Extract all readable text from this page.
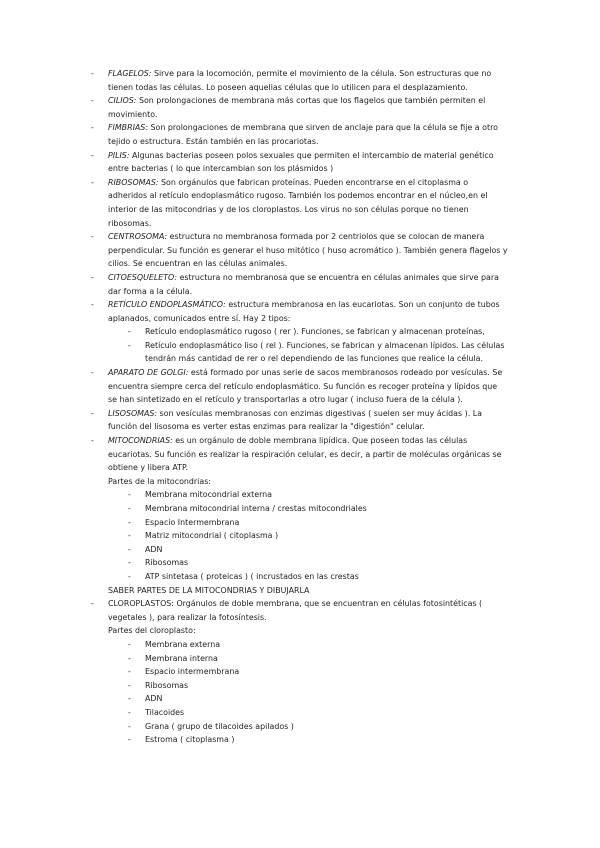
- FLAGELOS: Sirve para la locomoción, permite el movimiento de la célula. Son estructuras que no tienen todas las células. Lo poseen aquellas células que lo utilicen para el desplazamiento.
- CILIOS: Son prolongaciones de membrana más cortas que los flagelos que también permiten el movimiento.
- FIMBRIAS: Son prolongaciones de membrana que sirven de anclaje para que la célula se fije a otro tejido o estructura. Están también en las procariotas.
- PILIS: Algunas bacterias poseen polos sexuales que permiten el intercambio de material genético entre bacterias ( lo que intercambian son los plásmidos )
- RIBOSOMAS: Son orgánulos que fabrican proteínas. Pueden encontrarse en el citoplasma o adheridos al retículo endoplasmático rugoso. También los podemos encontrar en el núcleo,en el interior de las mitocondrias y de los cloroplastos. Los virus no son células porque no tienen ribosomas.
- CENTROSOMA: estructura no membranosa formada por 2 centriolos que se colocan de manera perpendicular. Su función es generar el huso mitótico ( huso acromático ). También genera flagelos y cilios. Se encuentran en las células animales.
- CITOESQUELETO: estructura no membranosa que se encuentra en células animales que sirve para dar forma a la célula.
- RETÍCULO ENDOPLASMÁTICO: estructura membranosa en las eucariotas. Son un conjunto de tubos aplanados, comunicados entre sí. Hay 2 tipos:
- Retículo endoplasmático rugoso ( rer ). Funciones, se fabrican y almacenan proteínas,
- Retículo endoplasmático liso ( rel ). Funciones, se fabrican y almacenan lípidos. Las células tendrán más cantidad de rer o rel dependiendo de las funciones que realice la célula.
- APARATO DE GOLGI: está formado por unas serie de sacos membranosos rodeado por vesículas. Se encuentra siempre cerca del retículo endoplasmático. Su función es recoger proteína y lípidos que se han sintetizado en el retículo y transportarlas a otro lugar ( incluso fuera de la célula ).
- LISOSOMAS: son vesículas membranosas con enzimas digestivas ( suelen ser muy ácidas ). La función del lisosoma es verter estas enzimas para realizar la "digestión" celular.
- MITOCONDRIAS: es un orgánulo de doble membrana lipídica. Que poseen todas las células eucariotas. Su función es realizar la respiración celular, es decir, a partir de moléculas orgánicas se obtiene y libera ATP.
Partes de la mitocondrias:
- Membrana mitocondrial externa
- Membrana mitocondrial interna / crestas mitocondriales
- Espacio Intermembrana
- Matriz mitocondrial ( citoplasma )
- ADN
- Ribosomas
- ATP sintetasa ( proteicas ) ( incrustados en las crestas
SABER PARTES DE LA MITOCONDRIAS Y DIBUJARLA
- CLOROPLASTOS: Orgánulos de doble membrana, que se encuentran en células fotosintéticas ( vegetales ), para realizar la fotosíntesis.
Partes del cloroplasto:
- Membrana externa
- Membrana interna
- Espacio intermembrana
- Ribosomas
- ADN
- Tilacoides
- Grana ( grupo de tilacoides apilados )
- Estroma ( citoplasma )
